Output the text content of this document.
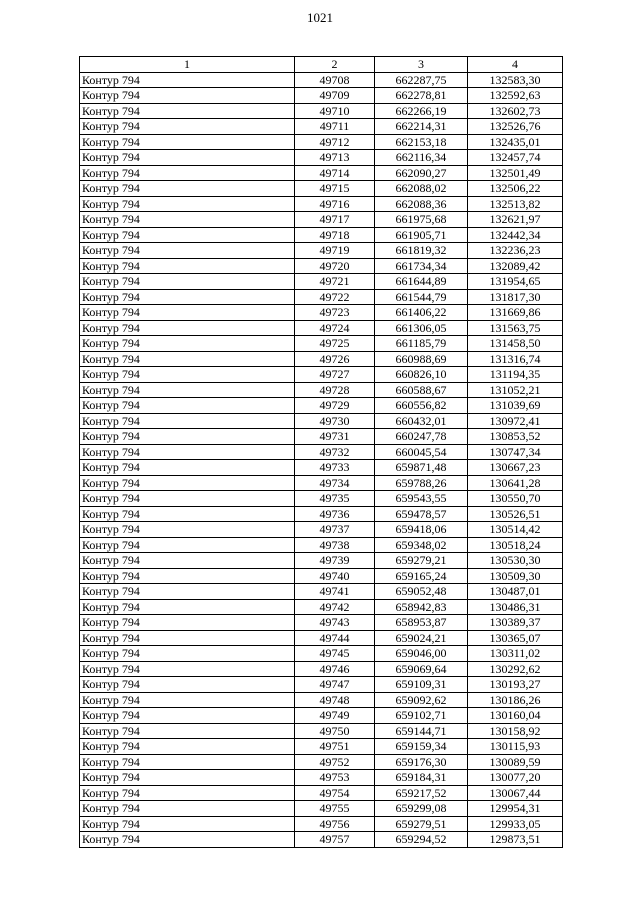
1021
1	2	3	4
Контур 794	49708	662287,75	132583,30
Контур 794	49709	662278,81	132592,63
Контур 794	49710	662266,19	132602,73
Контур 794	49711	662214,31	132526,76
Контур 794	49712	662153,18	132435,01
Контур 794	49713	662116,34	132457,74
Контур 794	49714	662090,27	132501,49
Контур 794	49715	662088,02	132506,22
Контур 794	49716	662088,36	132513,82
Контур 794	49717	661975,68	132621,97
Контур 794	49718	661905,71	132442,34
Контур 794	49719	661819,32	132236,23
Контур 794	49720	661734,34	132089,42
Контур 794	49721	661644,89	131954,65
Контур 794	49722	661544,79	131817,30
Контур 794	49723	661406,22	131669,86
Контур 794	49724	661306,05	131563,75
Контур 794	49725	661185,79	131458,50
Контур 794	49726	660988,69	131316,74
Контур 794	49727	660826,10	131194,35
Контур 794	49728	660588,67	131052,21
Контур 794	49729	660556,82	131039,69
Контур 794	49730	660432,01	130972,41
Контур 794	49731	660247,78	130853,52
Контур 794	49732	660045,54	130747,34
Контур 794	49733	659871,48	130667,23
Контур 794	49734	659788,26	130641,28
Контур 794	49735	659543,55	130550,70
Контур 794	49736	659478,57	130526,51
Контур 794	49737	659418,06	130514,42
Контур 794	49738	659348,02	130518,24
Контур 794	49739	659279,21	130530,30
Контур 794	49740	659165,24	130509,30
Контур 794	49741	659052,48	130487,01
Контур 794	49742	658942,83	130486,31
Контур 794	49743	658953,87	130389,37
Контур 794	49744	659024,21	130365,07
Контур 794	49745	659046,00	130311,02
Контур 794	49746	659069,64	130292,62
Контур 794	49747	659109,31	130193,27
Контур 794	49748	659092,62	130186,26
Контур 794	49749	659102,71	130160,04
Контур 794	49750	659144,71	130158,92
Контур 794	49751	659159,34	130115,93
Контур 794	49752	659176,30	130089,59
Контур 794	49753	659184,31	130077,20
Контур 794	49754	659217,52	130067,44
Контур 794	49755	659299,08	129954,31
Контур 794	49756	659279,51	129933,05
Контур 794	49757	659294,52	129873,51
